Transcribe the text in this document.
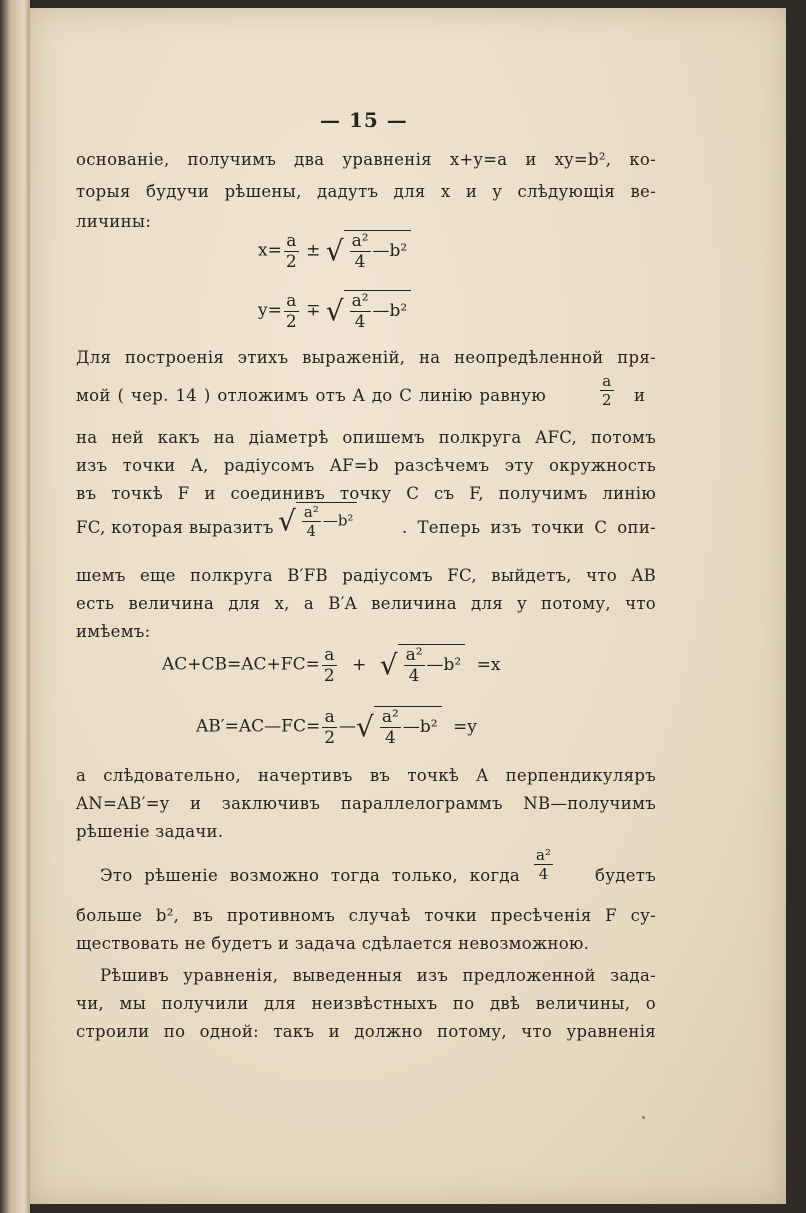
— 15 —
основаніе, получимъ два уравненія x+y=a и xy=b², ко-
торыя будучи рѣшены, дадутъ для x и y слѣдующія ве-
личины:
$x= \frac{a}{2}$ ± √ $\frac{\text{a²}}{4}$ —b²
$y= \frac{a}{2}$ ∓ √ $\frac{\text{a²}}{4}$ —b²
Для построенія этихъ выраженій, на неопредѣленной пря-
мой ( чер. 14 ) отложимъ отъ A до C линію равную	$\frac{a}{2}$ и
на ней какъ на діаметрѣ опишемъ полкруга AFC, потомъ
изъ точки A, радіусомъ AF=b разсѣчемъ эту окружность
въ точкѣ F и соединивъ точку C съ F, получимъ линію
FC, которая выразитъ √ $\frac{\text{a²}}{4}$ —b²	. Теперь изъ точки C опи-
шемъ еще полкруга B′FB радіусомъ FC, выйдетъ, что AB
есть величина для x, а B′A величина для y потому, что
имѣемъ:
$AC+CB=AC+FC= \frac{a}{2}$ + √ $\frac{\text{a²}}{4}$ —b² =x
AB′=AC—FC= $\frac{a}{2}$ —√ $\frac{\text{a²}}{4}$ —b² =y
а слѣдовательно, начертивъ въ точкѣ A перпендикуляръ
AN=AB′=y и заключивъ параллелограммъ NB—получимъ
рѣшеніе задачи.
Это рѣшеніе возможно тогда только, когда $\frac{\text{a²}}{4}$	будетъ
больше b², въ противномъ случаѣ точки пресѣченія F су-
ществовать не будетъ и задача сдѣлается невозможною.
Рѣшивъ уравненія, выведенныя изъ предложенной зада-
чи, мы получили для неизвѣстныхъ по двѣ величины, о
строили по одной: такъ и должно потому, что уравненія
